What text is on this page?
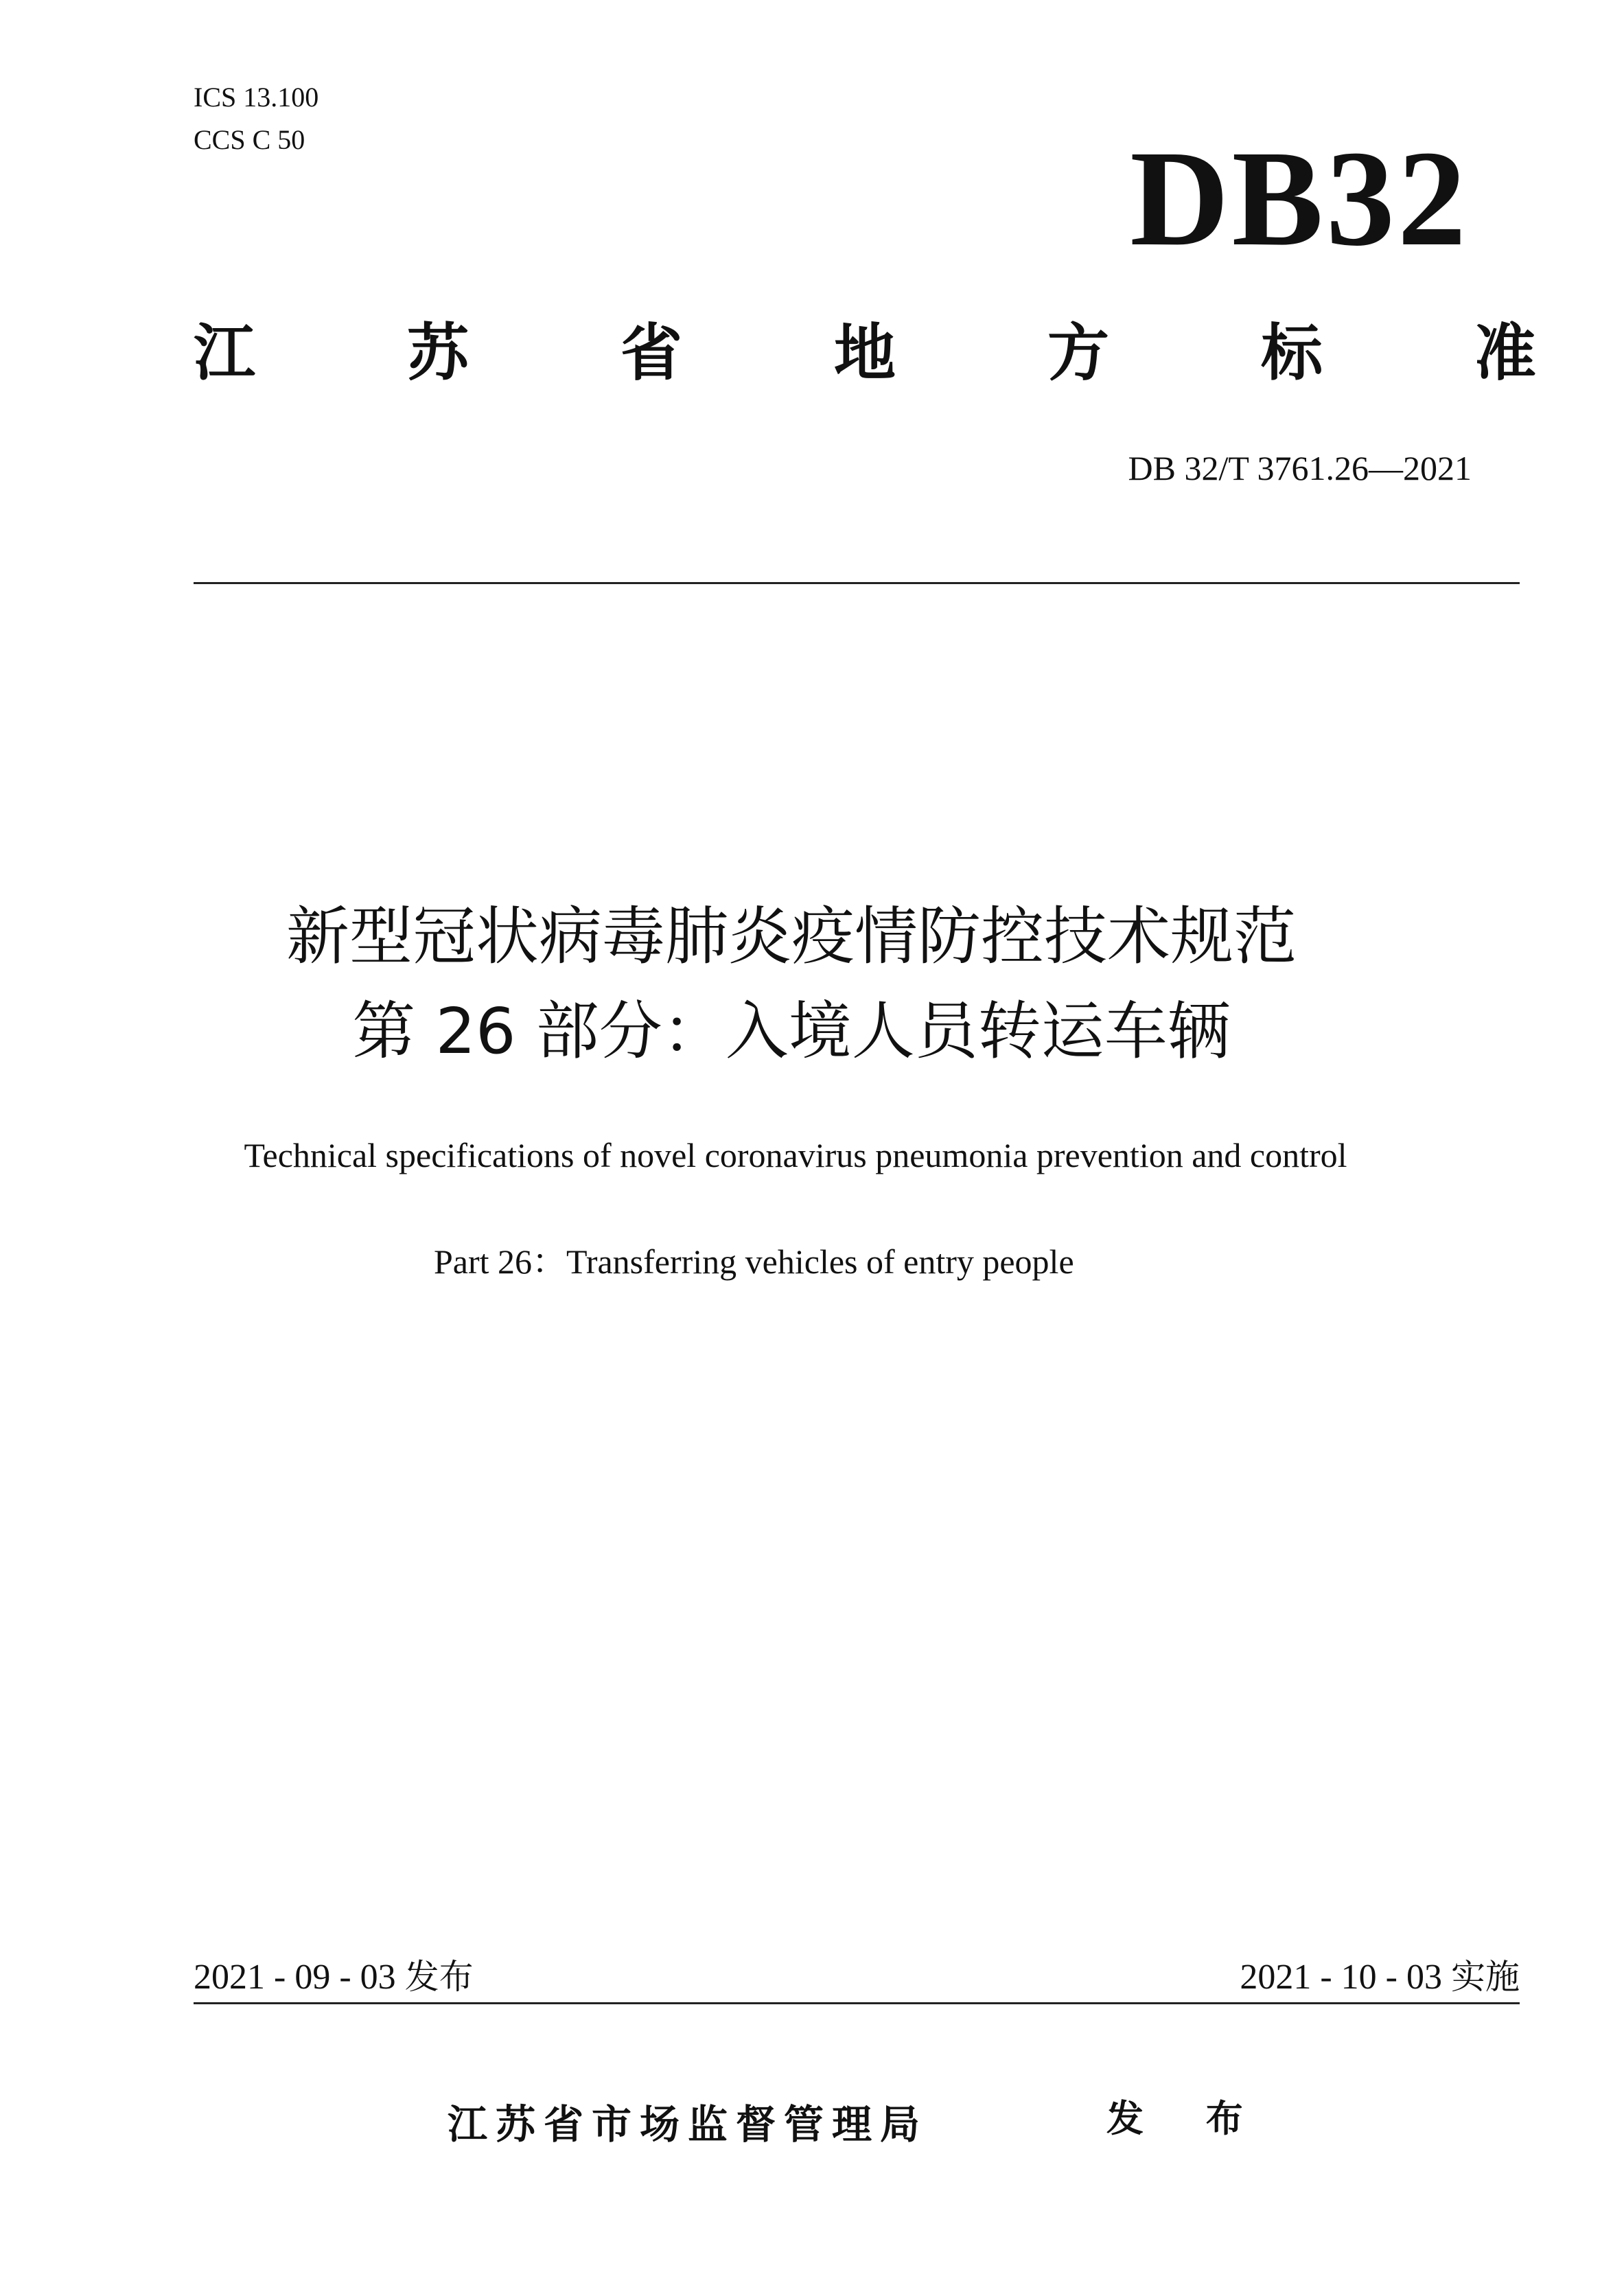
ICS 13.100
CCS C 50	DB32
江 苏 省 地 方 标 准
DB 32/T 3761.26—2021
新型冠状病毒肺炎疫情防控技术规范
第 26 部分：入境人员转运车辆
Technical specifications of novel coronavirus pneumonia prevention and control
Part 26：Transferring vehicles of entry people
2021 - 09 - 03 发布	2021 - 10 - 03 实施
江苏省市场监督管理局	发 布
